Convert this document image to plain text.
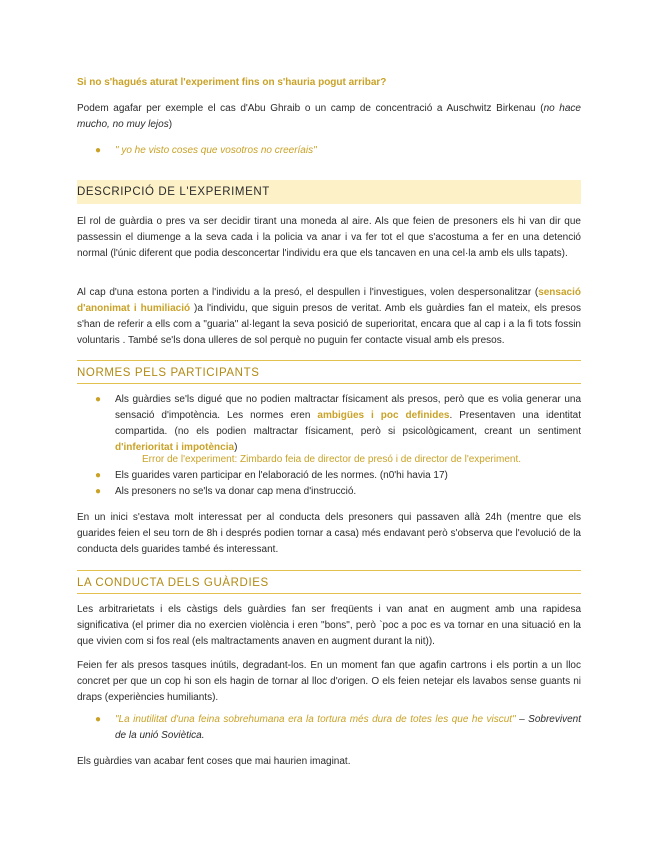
Si no s'hagués aturat l'experiment fins on s'hauria pogut arribar?

Podem agafar per exemple el cas d'Abu Ghraib o un camp de concentració a Auschwitz Birkenau (no hace mucho, no muy lejos)

●	" yo he visto coses que vosotros no creeríais"
DESCRIPCIÓ DE L'EXPERIMENT

El rol de guàrdia o pres va ser decidir tirant una moneda al aire. Als que feien de presoners els hi van dir que passessin el diumenge a la seva cada i la policia va anar i va fer tot el que s'acostuma a fer en una detenció normal (l'únic diferent que podia desconcertar l'individu era que els tancaven en una cel·la amb els ulls tapats).

Al cap d'una estona porten a l'individu a la presó, el despullen i l'investigues, volen despersonalitzar (sensació d'anonimat i humiliació )a l'individu, que siguin presos de veritat. Amb els guàrdies fan el mateix, els presos s'han de referir a ells com a "guaria" al·legant la seva posició de superioritat, encara que al cap i a la fi tots fossin voluntaris . També se'ls dona ulleres de sol perquè no puguin fer contacte visual amb els presos.

NORMES PELS PARTICIPANTS
●	Als guàrdies se'ls digué que no podien maltractar físicament als presos, però que es volia generar una sensació d'impotència. Les normes eren ambigües i poc definides. Presentaven una identitat compartida. (no els podien maltractar físicament, però si psicològicament, creant un sentiment d'inferioritat i impotència)
Error de l'experiment: Zimbardo feia de director de presó i de director de l'experiment.
●	Els guarides varen participar en l'elaboració de les normes. (n0'hi havia 17)
●	Als presoners no se'ls va donar cap mena d'instrucció.

En un inici s'estava molt interessat per al conducta dels presoners qui passaven allà 24h (mentre que els guarides feien el seu torn de 8h i després podien tornar a casa) més endavant però s'observa que l'evolució de la conducta dels guarides també és interessant.

LA CONDUCTA DELS GUÀRDIES

Les arbitrarietats i els càstigs dels guàrdies fan ser freqüents i van anat en augment amb una rapidesa significativa (el primer dia no exercien violència i eren "bons", però `poc a poc es va tornar en una situació en la que vivien com si fos real (els maltractaments anaven en augment durant la nit)).

Feien fer als presos tasques inútils, degradant-los. En un moment fan que agafin cartrons i els portin a un lloc concret per que un cop hi son els hagin de tornar al lloc d'origen. O els feien netejar els lavabos sense guants ni draps (experiències humiliants).

●	"La inutilitat d'una feina sobrehumana era la tortura més dura de totes les que he viscut" – Sobrevivent de la unió Soviètica.

Els guàrdies van acabar fent coses que mai haurien imaginat.
